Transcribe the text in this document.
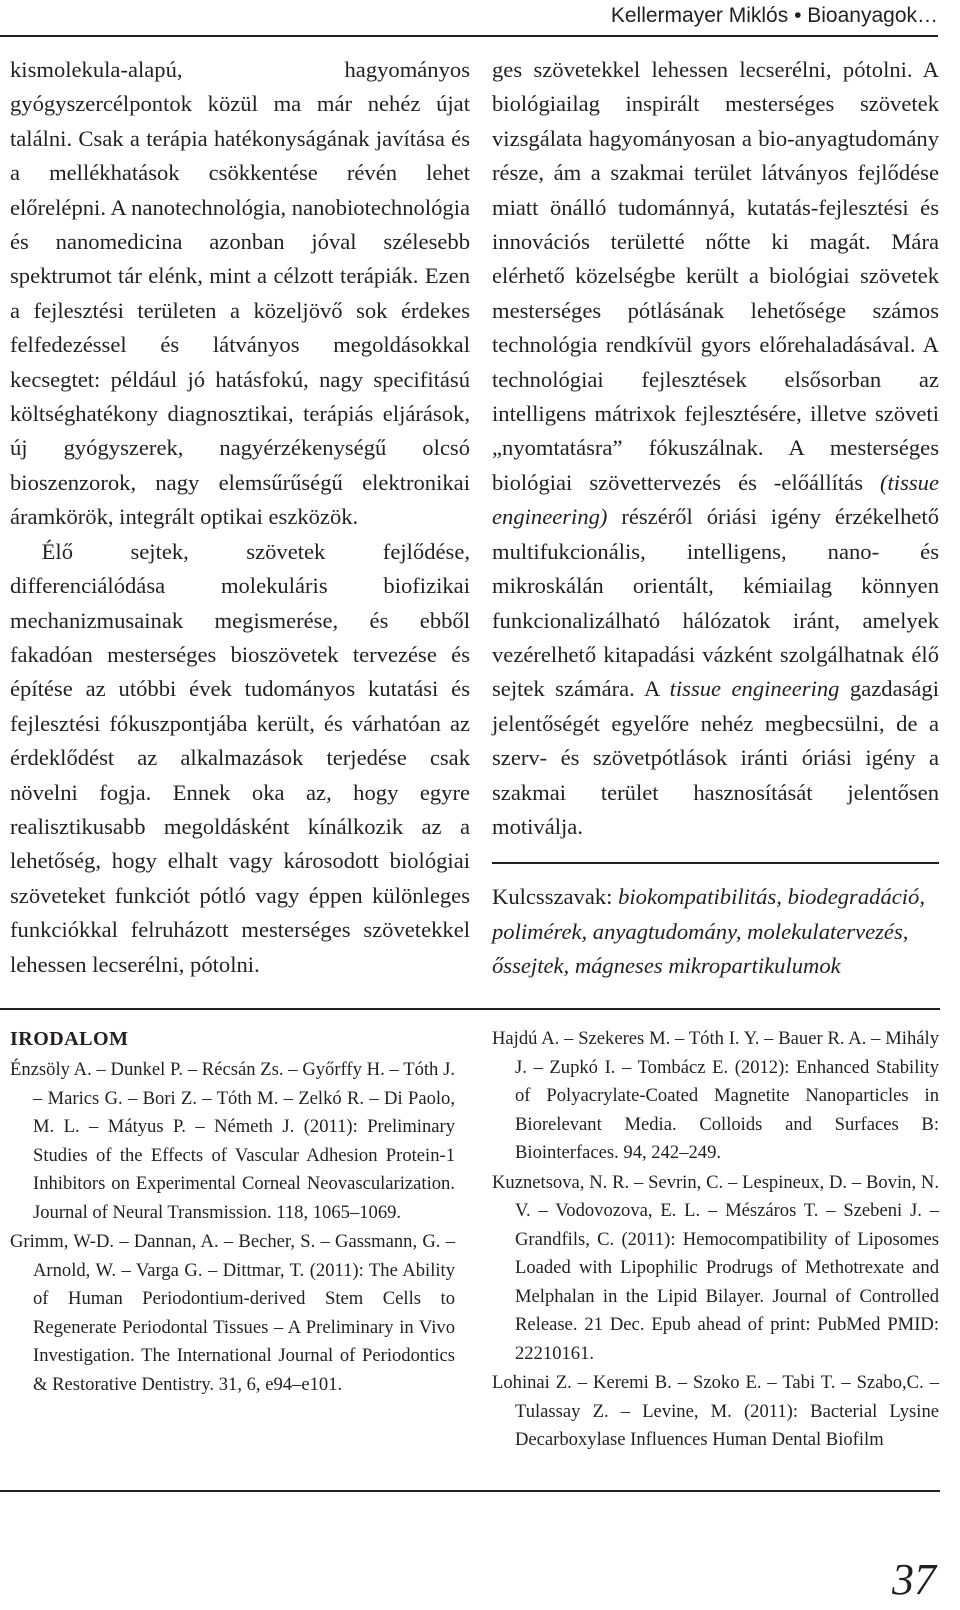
Kellermayer Miklós • Bioanyagok…

kismolekula-alapú, hagyományos gyógyszercélpontok közül ma már nehéz újat találni. Csak a terápia hatékonyságának javítása és a mellékhatások csökkentése révén lehet előrelépni. A nanotechnológia, nanobiotechnológia és nanomedicina azonban jóval szélesebb spektrumot tár elénk, mint a célzott terápiák. Ezen a fejlesztési területen a közeljövő sok érdekes felfedezéssel és látványos megoldásokkal kecsegtet: például jó hatásfokú, nagy specifitású költséghatékony diagnosztikai, terápiás eljárások, új gyógyszerek, nagyérzékenységű olcsó bioszenzorok, nagy elemsűrűségű elektronikai áramkörök, integrált optikai eszközök.

Élő sejtek, szövetek fejlődése, differenciálódása molekuláris biofizikai mechanizmusainak megismerése, és ebből fakadóan mesterséges bioszövetek tervezése és építése az utóbbi évek tudományos kutatási és fejlesztési fókuszpontjába került, és várhatóan az érdeklődést az alkalmazások terjedése csak növelni fogja. Ennek oka az, hogy egyre realisztikusabb megoldásként kínálkozik az a lehetőség, hogy elhalt vagy károsodott biológiai szöveteket funkciót pótló vagy éppen különleges funkciókkal felruházott mesterséges szövetekkel lehessen lecserélni, pótolni.

ges szövetekkel lehessen lecserélni, pótolni. A biológiailag inspirált mesterséges szövetek vizsgálata hagyományosan a bio-anyagtudomány része, ám a szakmai terület látványos fejlődése miatt önálló tudománnyá, kutatás-fejlesztési és innovációs területté nőtte ki magát. Mára elérhető közelségbe került a biológiai szövetek mesterséges pótlásának lehetősége számos technológia rendkívül gyors előrehaladásával. A technológiai fejlesztések elsősorban az intelligens mátrixok fejlesztésére, illetve szöveti „nyomtatásra” fókuszálnak. A mesterséges biológiai szövettervezés és -előállítás (tissue engineering) részéről óriási igény érzékelhető multifukcionális, intelligens, nano- és mikroskálán orientált, kémiailag könnyen funkcionalizálható hálózatok iránt, amelyek vezérelhető kitapadási vázként szolgálhatnak élő sejtek számára. A tissue engineering gazdasági jelentőségét egyelőre nehéz megbecsülni, de a szerv- és szövetpótlások iránti óriási igény a szakmai terület hasznosítását jelentősen motiválja.

Kulcsszavak: biokompatibilitás, biodegradáció, polimérek, anyagtudomány, molekulatervezés, őssejtek, mágneses mikropartikulumok

IRODALOM

Énzsöly A. – Dunkel P. – Récsán Zs. – Győrffy H. – Tóth J. – Marics G. – Bori Z. – Tóth M. – Zelkó R. – Di Paolo, M. L. – Mátyus P. – Németh J. (2011): Preliminary Studies of the Effects of Vascular Adhesion Protein-1 Inhibitors on Experimental Corneal Neovascularization. Journal of Neural Transmission. 118, 1065–1069.

Grimm, W-D. – Dannan, A. – Becher, S. – Gassmann, G. – Arnold, W. – Varga G. – Dittmar, T. (2011): The Ability of Human Periodontium-derived Stem Cells to Regenerate Periodontal Tissues – A Preliminary in Vivo Investigation. The International Journal of Periodontics & Restorative Dentistry. 31, 6, e94–e101.

Hajdú A. – Szekeres M. – Tóth I. Y. – Bauer R. A. – Mihály J. – Zupkó I. – Tombácz E. (2012): Enhanced Stability of Polyacrylate-Coated Magnetite Nanoparticles in Biorelevant Media. Colloids and Surfaces B: Biointerfaces. 94, 242–249.

Kuznetsova, N. R. – Sevrin, C. – Lespineux, D. – Bovin, N. V. – Vodovozova, E. L. – Mészáros T. – Szebeni J. – Grandfils, C. (2011): Hemocompatibility of Liposomes Loaded with Lipophilic Prodrugs of Methotrexate and Melphalan in the Lipid Bilayer. Journal of Controlled Release. 21 Dec. Epub ahead of print: PubMed PMID: 22210161.

Lohinai Z. – Keremi B. – Szoko E. – Tabi T. – Szabo,C. – Tulassay Z. – Levine, M. (2011): Bacterial Lysine Decarboxylase Influences Human Dental Biofilm

37
